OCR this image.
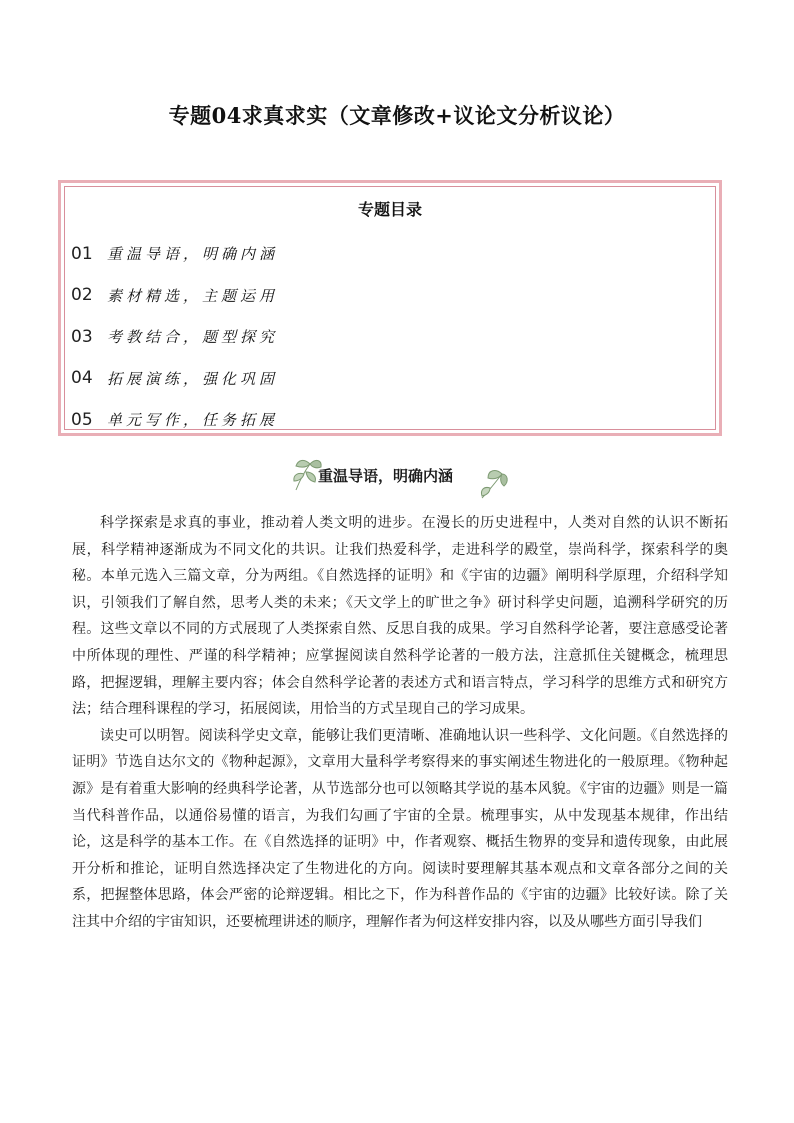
专题04求真求实（文章修改+议论文分析议论）
专题目录
01 重温导语，明确内涵
02 素材精选，主题运用
03 考教结合，题型探究
04 拓展演练，强化巩固
05 单元写作，任务拓展
重温导语，明确内涵

科学探索是求真的事业，推动着人类文明的进步。在漫长的历史进程中，人类对自然的认识不断拓展，科学精神逐渐成为不同文化的共识。让我们热爱科学，走进科学的殿堂，崇尚科学，探索科学的奥秘。本单元选入三篇文章，分为两组。《自然选择的证明》和《宇宙的边疆》阐明科学原理，介绍科学知识，引领我们了解自然，思考人类的未来；《天文学上的旷世之争》研讨科学史问题，追溯科学研究的历程。这些文章以不同的方式展现了人类探索自然、反思自我的成果。学习自然科学论著，要注意感受论著中所体现的理性、严谨的科学精神；应掌握阅读自然科学论著的一般方法，注意抓住关键概念，梳理思路，把握逻辑，理解主要内容；体会自然科学论著的表述方式和语言特点，学习科学的思维方式和研究方法；结合理科课程的学习，拓展阅读，用恰当的方式呈现自己的学习成果。

读史可以明智。阅读科学史文章，能够让我们更清晰、准确地认识一些科学、文化问题。《自然选择的证明》节选自达尔文的《物种起源》，文章用大量科学考察得来的事实阐述生物进化的一般原理。《物种起源》是有着重大影响的经典科学论著，从节选部分也可以领略其学说的基本风貌。《宇宙的边疆》则是一篇当代科普作品，以通俗易懂的语言，为我们勾画了宇宙的全景。梳理事实，从中发现基本规律，作出结论，这是科学的基本工作。在《自然选择的证明》中，作者观察、概括生物界的变异和遗传现象，由此展开分析和推论，证明自然选择决定了生物进化的方向。阅读时要理解其基本观点和文章各部分之间的关系，把握整体思路，体会严密的论辩逻辑。相比之下，作为科普作品的《宇宙的边疆》比较好读。除了关注其中介绍的宇宙知识，还要梳理讲述的顺序，理解作者为何这样安排内容，以及从哪些方面引导我们
